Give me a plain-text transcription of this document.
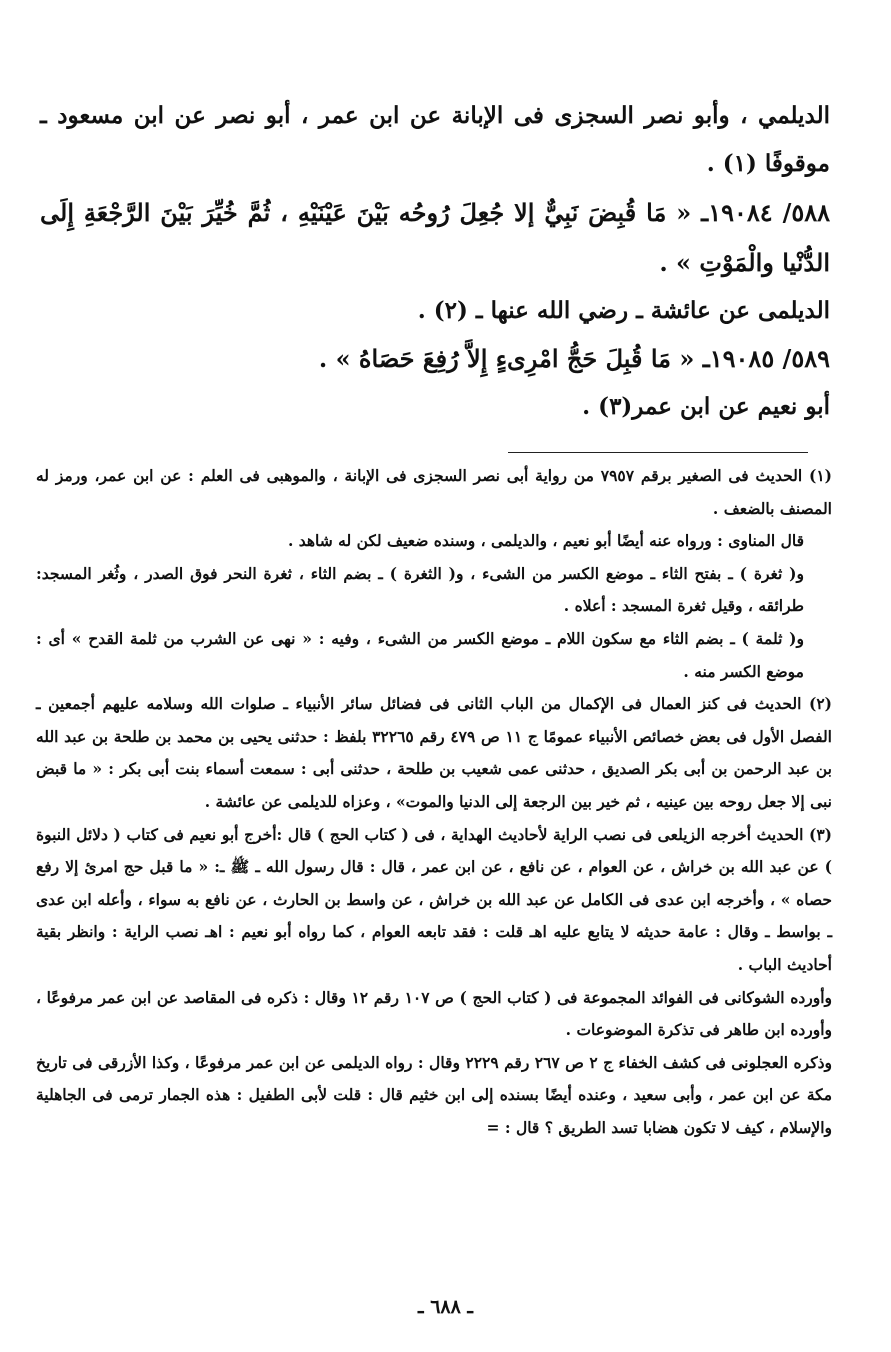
الديلمي ، وأبو نصر السجزى فى الإبانة عن ابن عمر ، أبو نصر عن ابن مسعود ـ موقوفًا (١) .

٥٨٨/ ١٩٠٨٤ـ « مَا قُبِضَ نَبِيٌّ إلا جُعِلَ رُوحُه بَيْنَ عَيْنَيْهِ ، ثُمَّ خُيِّرَ بَيْنَ الرَّجْعَةِ إِلَى الدُّنْيا والْمَوْتِ » .

الديلمى عن عائشة ـ رضي الله عنها ـ (٢) .

٥٨٩/ ١٩٠٨٥ـ « مَا قُبِلَ حَجُّ امْرِىءٍ إِلاَّ رُفِعَ حَصَاهُ » .

أبو نعيم عن ابن عمر(٣) .

(١) الحديث فى الصغير برقم ٧٩٥٧ من رواية أبى نصر السجزى فى الإبانة ، والموهبى فى العلم : عن ابن عمر، ورمز له المصنف بالضعف .

قال المناوى : ورواه عنه أيضًا أبو نعيم ، والديلمى ، وسنده ضعيف لكن له شاهد .

و( ثغرة ) ـ بفتح الثاء ـ موضع الكسر من الشىء ، و( الثغرة ) ـ بضم الثاء ، ثغرة النحر فوق الصدر ، وثُغر المسجد: طرائقه ، وقيل ثغرة المسجد : أعلاه .

و( ثلمة ) ـ بضم الثاء مع سكون اللام ـ موضع الكسر من الشىء ، وفيه : « نهى عن الشرب من ثلمة القدح » أى : موضع الكسر منه .

(٢) الحديث فى كنز العمال فى الإكمال من الباب الثانى فى فضائل سائر الأنبياء ـ صلوات الله وسلامه عليهم أجمعين ـ الفصل الأول فى بعض خصائص الأنبياء عمومًا ج ١١ ص ٤٧٩ رقم ٣٢٢٦٥ بلفظ : حدثنى يحيى بن محمد بن طلحة بن عبد الله بن عبد الرحمن بن أبى بكر الصديق ، حدثنى عمى شعيب بن طلحة ، حدثنى أبى : سمعت أسماء بنت أبى بكر : « ما قبض نبى إلا جعل روحه بين عينيه ، ثم خير بين الرجعة إلى الدنيا والموت» ، وعزاه للديلمى عن عائشة .

(٣) الحديث أخرجه الزيلعى فى نصب الراية لأحاديث الهداية ، فى ( كتاب الحج ) قال :أخرج أبو نعيم فى كتاب ( دلائل النبوة ) عن عبد الله بن خراش ، عن العوام ، عن نافع ، عن ابن عمر ، قال : قال رسول الله ـ ﷺ ـ: « ما قبل حج امرئ إلا رفع حصاه » ، وأخرجه ابن عدى فى الكامل عن عبد الله بن خراش ، عن واسط بن الحارث ، عن نافع به سواء ، وأعله ابن عدى ـ بواسط ـ وقال : عامة حديثه لا يتابع عليه اهـ قلت : فقد تابعه العوام ، كما رواه أبو نعيم : اهـ نصب الراية : وانظر بقية أحاديث الباب .

وأورده الشوكانى فى الفوائد المجموعة فى ( كتاب الحج ) ص ١٠٧ رقم ١٢ وقال : ذكره فى المقاصد عن ابن عمر مرفوعًا ، وأورده ابن طاهر فى تذكرة الموضوعات .

وذكره العجلونى فى كشف الخفاء ج ٢ ص ٢٦٧ رقم ٢٢٢٩ وقال : رواه الديلمى عن ابن عمر مرفوعًا ، وكذا الأزرقى فى تاريخ مكة عن ابن عمر ، وأبى سعيد ، وعنده أيضًا بسنده إلى ابن خثيم قال : قلت لأبى الطفيل : هذه الجمار ترمى فى الجاهلية والإسلام ، كيف لا تكون هضابا تسد الطريق ؟ قال : =

ـ ٦٨٨ ـ
